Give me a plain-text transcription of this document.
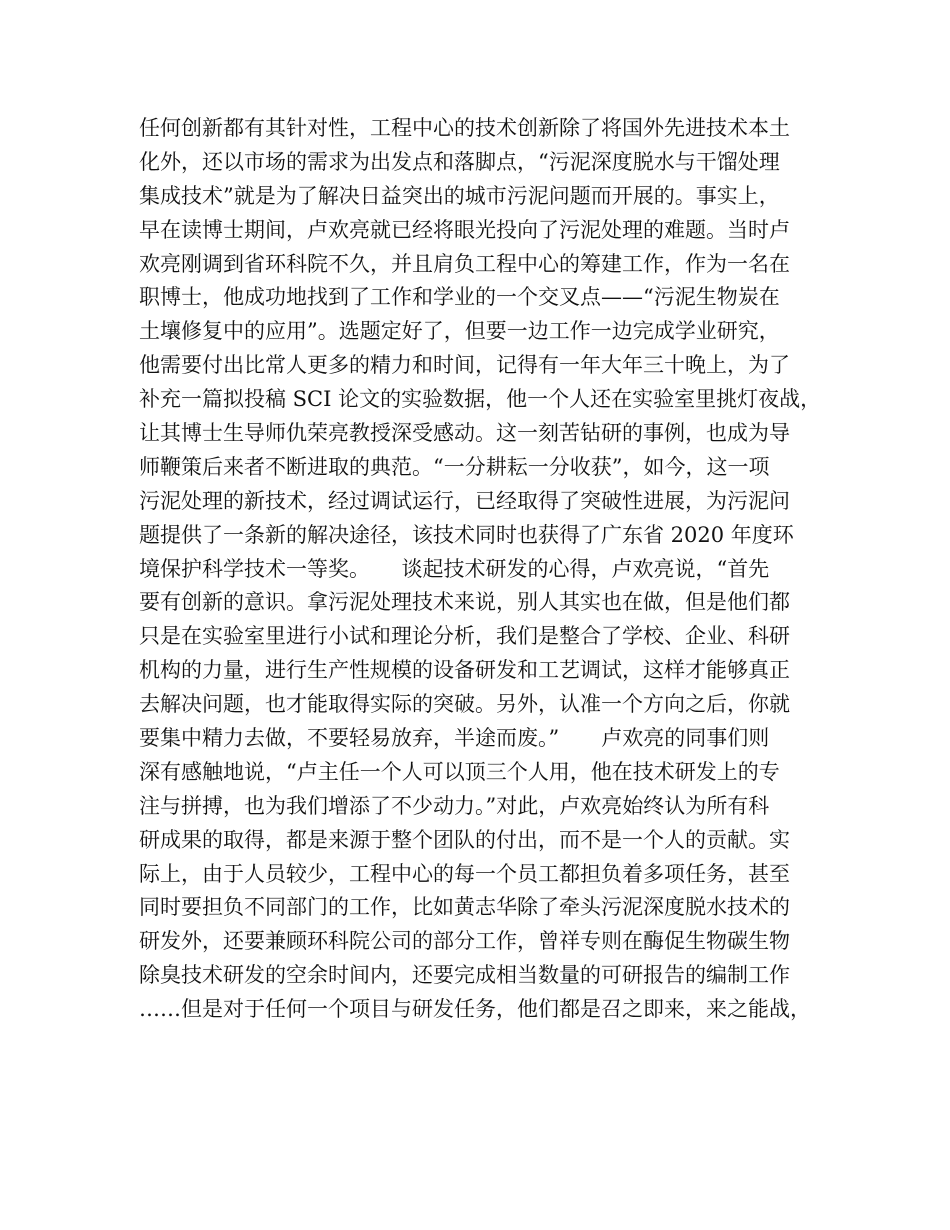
任何创新都有其针对性，工程中心的技术创新除了将国外先进技术本土
化外，还以市场的需求为出发点和落脚点，“污泥深度脱水与干馏处理
集成技术”就是为了解决日益突出的城市污泥问题而开展的。事实上，
早在读博士期间，卢欢亮就已经将眼光投向了污泥处理的难题。当时卢
欢亮刚调到省环科院不久，并且肩负工程中心的筹建工作，作为一名在
职博士，他成功地找到了工作和学业的一个交叉点——“污泥生物炭在
土壤修复中的应用”。选题定好了，但要一边工作一边完成学业研究，
他需要付出比常人更多的精力和时间，记得有一年大年三十晚上，为了
补充一篇拟投稿 SCI 论文的实验数据，他一个人还在实验室里挑灯夜战，
让其博士生导师仇荣亮教授深受感动。这一刻苦钻研的事例，也成为导
师鞭策后来者不断进取的典范。“一分耕耘一分收获”，如今，这一项
污泥处理的新技术，经过调试运行，已经取得了突破性进展，为污泥问
题提供了一条新的解决途径，该技术同时也获得了广东省 2020 年度环
境保护科学技术一等奖。　　谈起技术研发的心得，卢欢亮说，“首先
要有创新的意识。拿污泥处理技术来说，别人其实也在做，但是他们都
只是在实验室里进行小试和理论分析，我们是整合了学校、企业、科研
机构的力量，进行生产性规模的设备研发和工艺调试，这样才能够真正
去解决问题，也才能取得实际的突破。另外，认准一个方向之后，你就
要集中精力去做，不要轻易放弃，半途而废。”　　卢欢亮的同事们则
深有感触地说，“卢主任一个人可以顶三个人用，他在技术研发上的专
注与拼搏，也为我们增添了不少动力。”对此，卢欢亮始终认为所有科
研成果的取得，都是来源于整个团队的付出，而不是一个人的贡献。实
际上，由于人员较少，工程中心的每一个员工都担负着多项任务，甚至
同时要担负不同部门的工作，比如黄志华除了牵头污泥深度脱水技术的
研发外，还要兼顾环科院公司的部分工作，曾祥专则在酶促生物碳生物
除臭技术研发的空余时间内，还要完成相当数量的可研报告的编制工作
……但是对于任何一个项目与研发任务，他们都是召之即来，来之能战，
